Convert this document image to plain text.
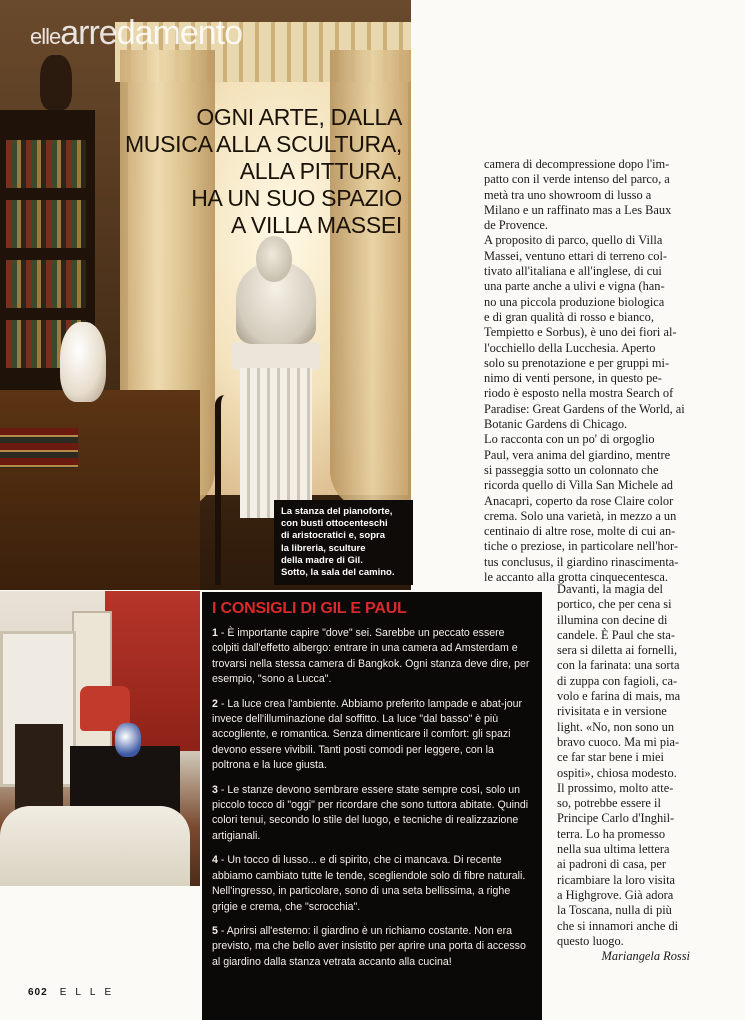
ellearredamento
OGNI ARTE, DALLA
MUSICA ALLA SCULTURA,
ALLA PITTURA,
HA UN SUO SPAZIO
A VILLA MASSEI
La stanza del pianoforte,
con busti ottocenteschi
di aristocratici e, sopra
la libreria, sculture
della madre di Gil.
Sotto, la sala del camino.
I CONSIGLI DI GIL E PAUL

1 - È importante capire "dove" sei. Sarebbe un peccato essere colpiti dall'effetto albergo: entrare in una camera ad Amsterdam e trovarsi nella stessa camera di Bangkok. Ogni stanza deve dire, per esempio, "sono a Lucca".

2 - La luce crea l'ambiente. Abbiamo preferito lampade e abat-jour invece dell'illuminazione dal soffitto. La luce "dal basso" è più accogliente, e romantica. Senza dimenticare il comfort: gli spazi devono essere vivibili. Tanti posti comodi per leggere, con la poltrona e la luce giusta.

3 - Le stanze devono sembrare essere state sempre così, solo un piccolo tocco di "oggi" per ricordare che sono tuttora abitate. Quindi colori tenui, secondo lo stile del luogo, e tecniche di realizzazione artigianali.

4 - Un tocco di lusso... e di spirito, che ci mancava. Di recente abbiamo cambiato tutte le tende, scegliendole solo di fibre naturali. Nell'ingresso, in particolare, sono di una seta bellissima, a righe grigie e crema, che "scrocchia".

5 - Aprirsi all'esterno: il giardino è un richiamo costante. Non era previsto, ma che bello aver insistito per aprire una porta di accesso al giardino dalla stanza vetrata accanto alla cucina!

camera di decompressione dopo l'im-
patto con il verde intenso del parco, a
metà tra uno showroom di lusso a
Milano e un raffinato mas a Les Baux
de Provence.
A proposito di parco, quello di Villa
Massei, ventuno ettari di terreno col-
tivato all'italiana e all'inglese, di cui
una parte anche a ulivi e vigna (han-
no una piccola produzione biologica
e di gran qualità di rosso e bianco,
Tempietto e Sorbus), è uno dei fiori al-
l'occhiello della Lucchesia. Aperto
solo su prenotazione e per gruppi mi-
nimo di venti persone, in questo pe-
riodo è esposto nella mostra Search of
Paradise: Great Gardens of the World, ai
Botanic Gardens di Chicago.
Lo racconta con un po' di orgoglio
Paul, vera anima del giardino, mentre
si passeggia sotto un colonnato che
ricorda quello di Villa San Michele ad
Anacapri, coperto da rose Claire color
crema. Solo una varietà, in mezzo a un
centinaio di altre rose, molte di cui an-
tiche o preziose, in particolare nell'hor-
tus conclusus, il giardino rinascimenta-
le accanto alla grotta cinquecentesca.
Davanti, la magia del
portico, che per cena si
illumina con decine di
candele. È Paul che sta-
sera si diletta ai fornelli,
con la farinata: una sorta
di zuppa con fagioli, ca-
volo e farina di mais, ma
rivisitata e in versione
light. «No, non sono un
bravo cuoco. Ma mi pia-
ce far star bene i miei
ospiti», chiosa modesto.
Il prossimo, molto atte-
so, potrebbe essere il
Principe Carlo d'Inghil-
terra. Lo ha promesso
nella sua ultima lettera
ai padroni di casa, per
ricambiare la loro visita
a Highgrove. Già adora
la Toscana, nulla di più
che si innamori anche di
questo luogo.
Mariangela Rossi
602 ELLE
